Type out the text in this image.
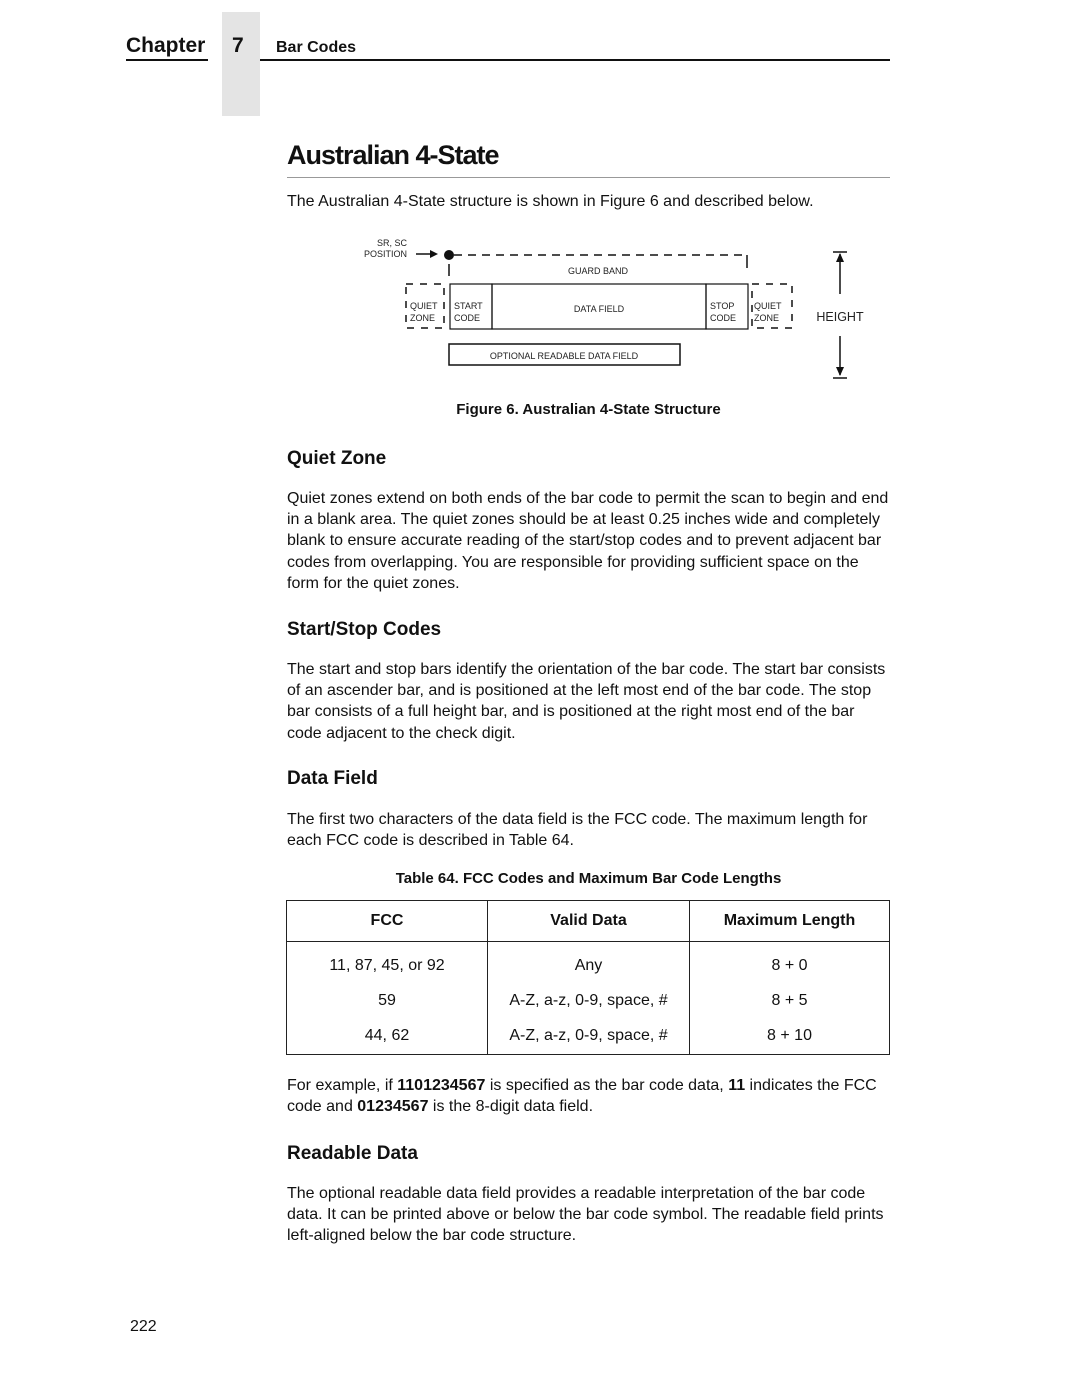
Chapter 7 Bar Codes
Australian 4-State
The Australian 4-State structure is shown in Figure 6 and described below.
SR, SC
POSITION
GUARD BAND
QUIET
ZONE
START
CODE
DATA FIELD	STOP
CODE
QUIET
ZONE	HEIGHT
OPTIONAL READABLE DATA FIELD
Figure 6. Australian 4-State Structure
Quiet Zone
Quiet zones extend on both ends of the bar code to permit the scan to begin and end in a blank area. The quiet zones should be at least 0.25 inches wide and completely blank to ensure accurate reading of the start/stop codes and to prevent adjacent bar codes from overlapping. You are responsible for providing sufficient space on the form for the quiet zones.
Start/Stop Codes
The start and stop bars identify the orientation of the bar code. The start bar consists of an ascender bar, and is positioned at the left most end of the bar code. The stop bar consists of a full height bar, and is positioned at the right most end of the bar code adjacent to the check digit.
Data Field
The first two characters of the data field is the FCC code. The maximum length for each FCC code is described in Table 64.
Table 64. FCC Codes and Maximum Bar Code Lengths
FCC	Valid Data	Maximum Length

11, 87, 45, or 92	Any	8 + 0
59	A-Z, a-z, 0-9, space, #	8 + 5
44, 62	A-Z, a-z, 0-9, space, #	8 + 10
For example, if 1101234567 is specified as the bar code data, 11 indicates the FCC code and 01234567 is the 8-digit data field.
Readable Data
The optional readable data field provides a readable interpretation of the bar code data. It can be printed above or below the bar code symbol. The readable field prints left-aligned below the bar code structure.
222
